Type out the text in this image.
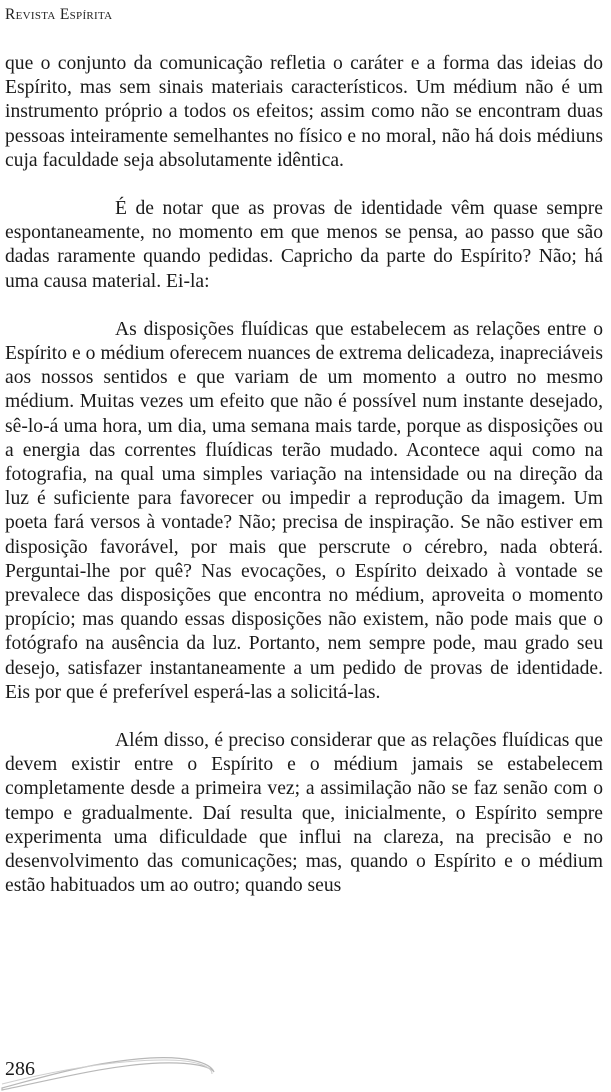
Revista Espírita

que o conjunto da comunicação refletia o caráter e a forma das ideias do Espírito, mas sem sinais materiais característicos. Um médium não é um instrumento próprio a todos os efeitos; assim como não se encontram duas pessoas inteiramente semelhantes no físico e no moral, não há dois médiuns cuja faculdade seja absolutamente idêntica.

É de notar que as provas de identidade vêm quase sempre espontaneamente, no momento em que menos se pensa, ao passo que são dadas raramente quando pedidas. Capricho da parte do Espírito? Não; há uma causa material. Ei-la:

As disposições fluídicas que estabelecem as relações entre o Espírito e o médium oferecem nuances de extrema delicadeza, inapreciáveis aos nossos sentidos e que variam de um momento a outro no mesmo médium. Muitas vezes um efeito que não é possível num instante desejado, sê-lo-á uma hora, um dia, uma semana mais tarde, porque as disposições ou a energia das correntes fluídicas terão mudado. Acontece aqui como na fotografia, na qual uma simples variação na intensidade ou na direção da luz é suficiente para favorecer ou impedir a reprodução da imagem. Um poeta fará versos à vontade? Não; precisa de inspiração. Se não estiver em disposição favorável, por mais que perscrute o cérebro, nada obterá. Perguntai-lhe por quê? Nas evocações, o Espírito deixado à vontade se prevalece das disposições que encontra no médium, aproveita o momento propício; mas quando essas disposições não existem, não pode mais que o fotógrafo na ausência da luz. Portanto, nem sempre pode, mau grado seu desejo, satisfazer instantaneamente a um pedido de provas de identidade. Eis por que é preferível esperá-las a solicitá-las.

Além disso, é preciso considerar que as relações fluídicas que devem existir entre o Espírito e o médium jamais se estabelecem completamente desde a primeira vez; a assimilação não se faz senão com o tempo e gradualmente. Daí resulta que, inicialmente, o Espírito sempre experimenta uma dificuldade que influi na clareza, na precisão e no desenvolvimento das comunicações; mas, quando o Espírito e o médium estão habituados um ao outro; quando seus

286
